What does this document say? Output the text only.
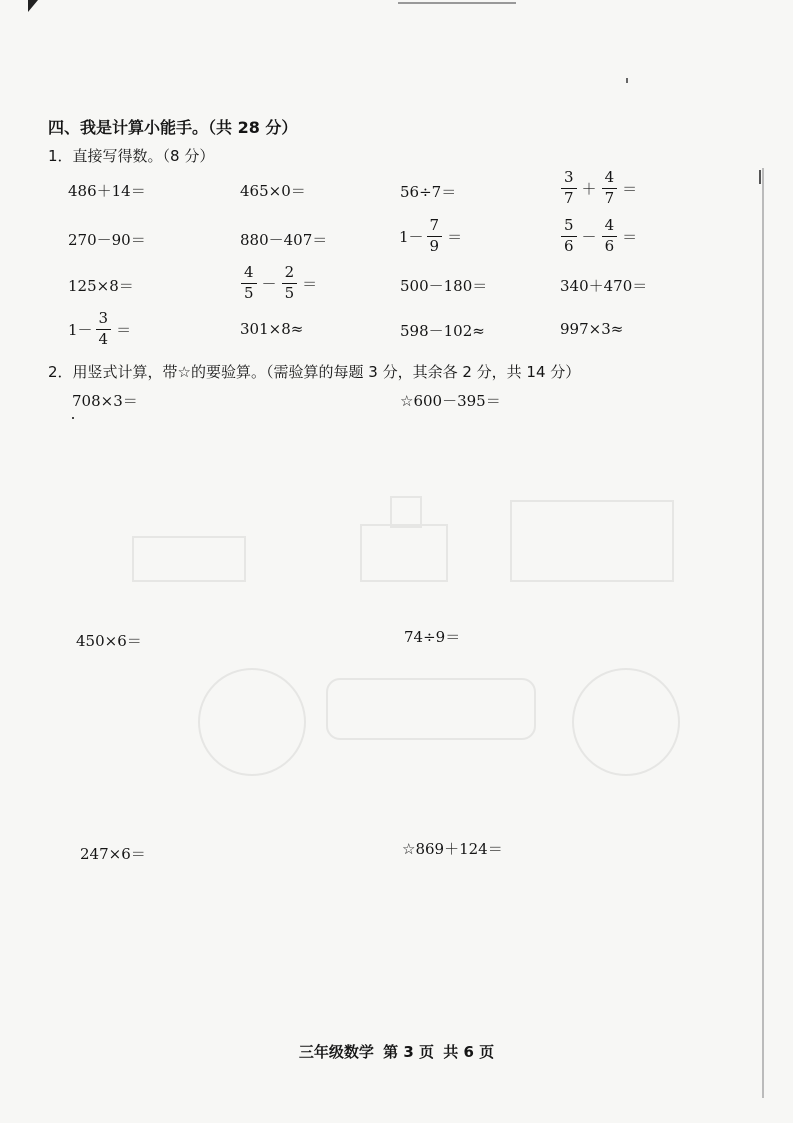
四、我是计算小能手。（共 28 分）
1．直接写得数。（8 分）
486＋14＝	465×0＝	56÷7＝	$\frac{3}{7} + \frac{4}{7}$ ＝
270－90＝	880－407＝	$1- \frac{7}{9}$ ＝	$\frac{5}{6} - \frac{4}{6}$ ＝
125×8＝	$\frac{4}{5} - \frac{2}{5}$ ＝	500－180＝	340＋470＝
$1- \frac{3}{4}$ ＝	301×8≈	598－102≈	997×3≈
2．用竖式计算，带☆的要验算。（需验算的每题 3 分，其余各 2 分，共 14 分）
708×3＝	☆600－395＝
450×6＝	74÷9＝
247×6＝	☆869＋124＝
三年级数学 第 3 页 共 6 页
